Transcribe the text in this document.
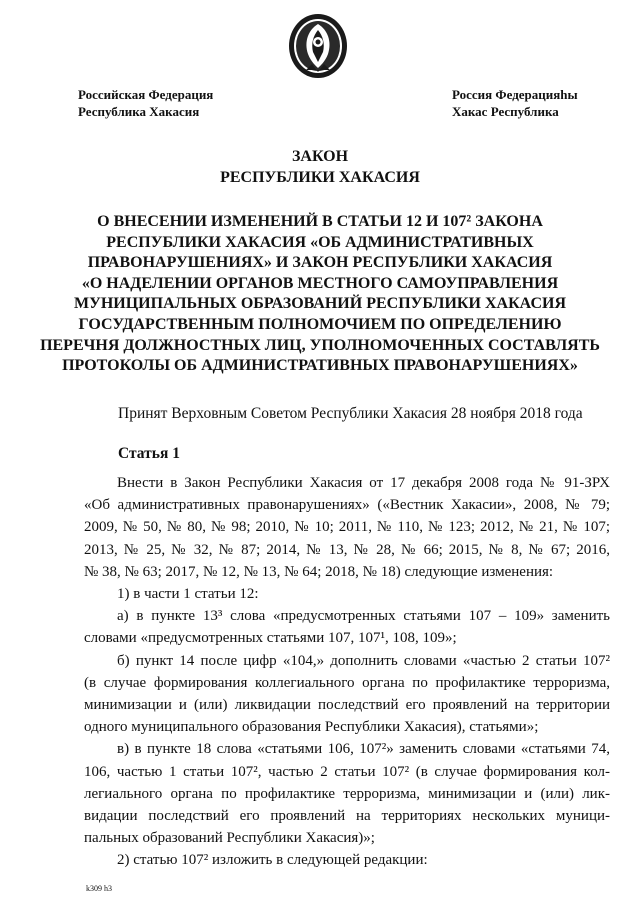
Российская Федерация
Республика Хакасия
Россия Федерацияhы
Хакас Республика
ЗАКОН
РЕСПУБЛИКИ ХАКАСИЯ
О ВНЕСЕНИИ ИЗМЕНЕНИЙ В СТАТЬИ 12 И 107² ЗАКОНА
РЕСПУБЛИКИ ХАКАСИЯ «ОБ АДМИНИСТРАТИВНЫХ
ПРАВОНАРУШЕНИЯХ» И ЗАКОН РЕСПУБЛИКИ ХАКАСИЯ
«О НАДЕЛЕНИИ ОРГАНОВ МЕСТНОГО САМОУПРАВЛЕНИЯ
МУНИЦИПАЛЬНЫХ ОБРАЗОВАНИЙ РЕСПУБЛИКИ ХАКАСИЯ
ГОСУДАРСТВЕННЫМ ПОЛНОМОЧИЕМ ПО ОПРЕДЕЛЕНИЮ
ПЕРЕЧНЯ ДОЛЖНОСТНЫХ ЛИЦ, УПОЛНОМОЧЕННЫХ СОСТАВЛЯТЬ
ПРОТОКОЛЫ ОБ АДМИНИСТРАТИВНЫХ ПРАВОНАРУШЕНИЯХ»
Принят Верховным Советом Республики Хакасия 28 ноября 2018 года
Статья 1
Внести в Закон Республики Хакасия от 17 декабря 2008 года № 91-ЗРХ
«Об административных правонарушениях» («Вестник Хакасии», 2008, № 79;
2009, № 50, № 80, № 98; 2010, № 10; 2011, № 110, № 123; 2012, № 21, № 107;
2013, № 25, № 32, № 87; 2014, № 13, № 28, № 66; 2015, № 8, № 67; 2016,
№ 38, № 63; 2017, № 12, № 13, № 64; 2018, № 18) следующие изменения:
1) в части 1 статьи 12:
а) в пункте 13³ слова «предусмотренных статьями 107 – 109» заменить
словами «предусмотренных статьями 107, 107¹, 108, 109»;
б) пункт 14 после цифр «104,» дополнить словами «частью 2 статьи 107²
(в случае формирования коллегиального органа по профилактике терроризма,
минимизации и (или) ликвидации последствий его проявлений на территории
одного муниципального образования Республики Хакасия), статьями»;
в) в пункте 18 слова «статьями 106, 107²» заменить словами «статьями 74,
106, частью 1 статьи 107², частью 2 статьи 107² (в случае формирования кол-
легиального органа по профилактике терроризма, минимизации и (или) лик-
видации последствий его проявлений на территориях нескольких муници-
пальных образований Республики Хакасия)»;
2) статью 107² изложить в следующей редакции:
k309 h3
